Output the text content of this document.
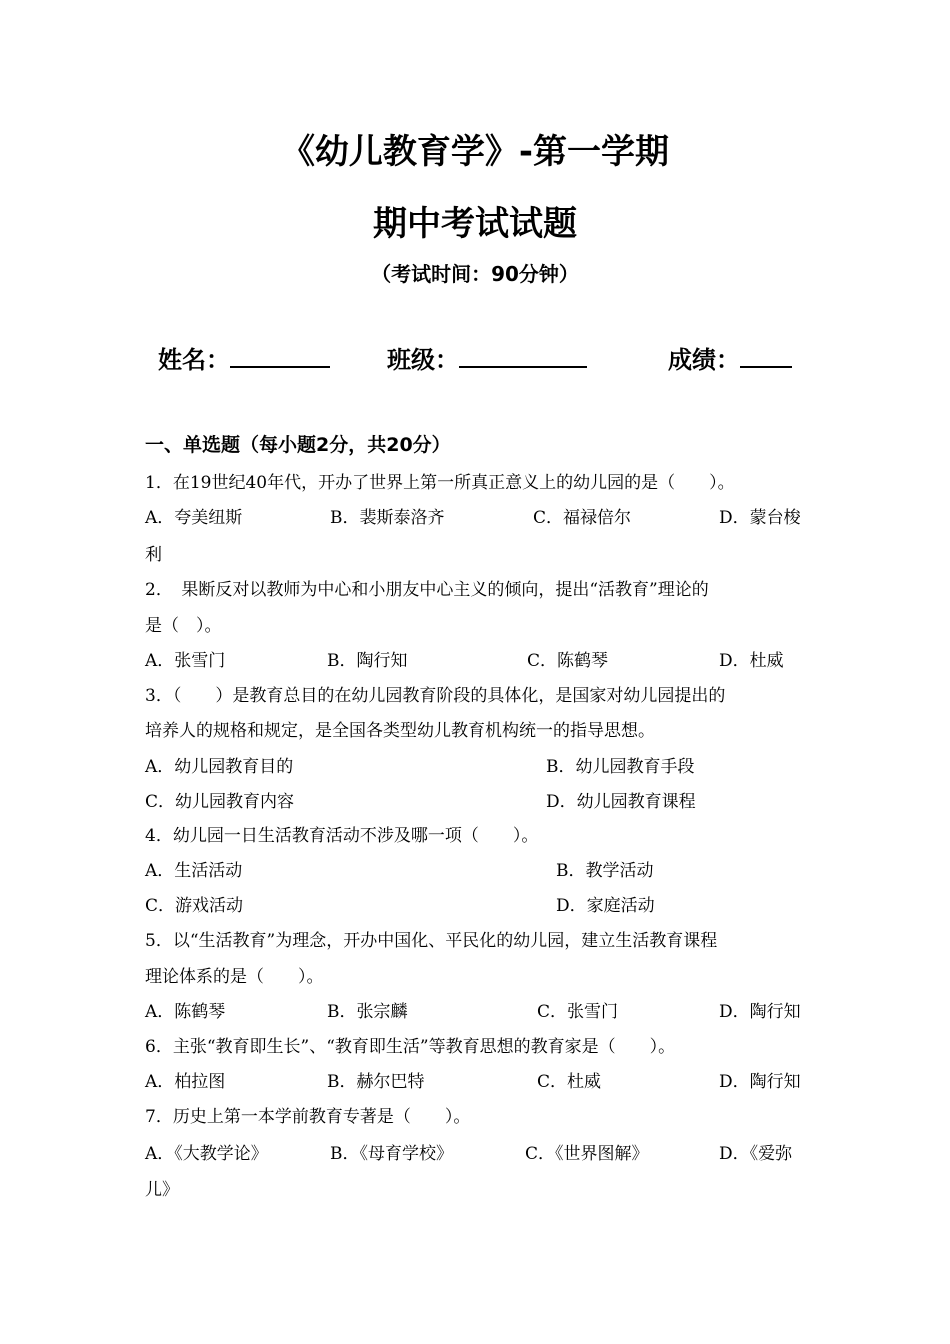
《幼儿教育学》-第一学期
期中考试试题
（考试时间：90分钟）
姓名：	班级：	成绩：
一、单选题（每小题2分，共20分）
1．在19世纪40年代，开办了世界上第一所真正意义上的幼儿园的是（　　）。
A．夸美纽斯	B．裴斯泰洛齐	C．福禄倍尔	D．蒙台梭
利
2．　果断反对以教师为中心和小朋友中心主义的倾向，提出“活教育”理论的
是（　）。
A．张雪门	B．陶行知	C．陈鹤琴	D．杜威
3．（　　）是教育总目的在幼儿园教育阶段的具体化，是国家对幼儿园提出的
培养人的规格和规定，是全国各类型幼儿教育机构统一的指导思想。
A．幼儿园教育目的	B．幼儿园教育手段
C．幼儿园教育内容	D．幼儿园教育课程
4．幼儿园一日生活教育活动不涉及哪一项（　　）。
A．生活活动	B．教学活动
C．游戏活动	D．家庭活动
5．以“生活教育”为理念，开办中国化、平民化的幼儿园，建立生活教育课程
理论体系的是（　　）。
A．陈鹤琴	B．张宗麟	C．张雪门	D．陶行知
6．主张“教育即生长”、“教育即生活”等教育思想的教育家是（　　）。
A．柏拉图	B．赫尔巴特	C．杜威	D．陶行知
7．历史上第一本学前教育专著是（　　）。
A．《大教学论》	B．《母育学校》	C．《世界图解》	D．《爱弥
儿》
